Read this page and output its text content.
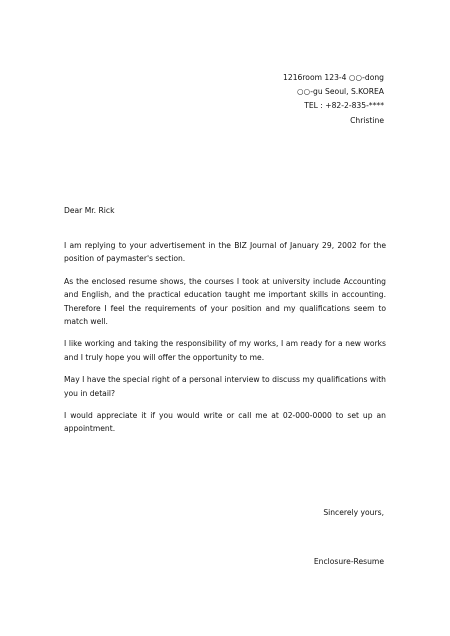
1216room 123-4 ○○-dong
○○-gu Seoul, S.KOREA
TEL : +82-2-835-****
Christine
Dear Mr. Rick

I am replying to your advertisement in the BIZ Journal of January 29, 2002 for the position of paymaster's section.

As the enclosed resume shows, the courses I took at university include Accounting and English, and the practical education taught me important skills in accounting. Therefore I feel the requirements of your position and my qualifications seem to match well.

I like working and taking the responsibility of my works, I am ready for a new works and I truly hope you will offer the opportunity to me.

May I have the special right of a personal interview to discuss my qualifications with you in detail?

I would appreciate it if you would write or call me at 02-000-0000 to set up an appointment.

Sincerely yours,
Enclosure-Resume
